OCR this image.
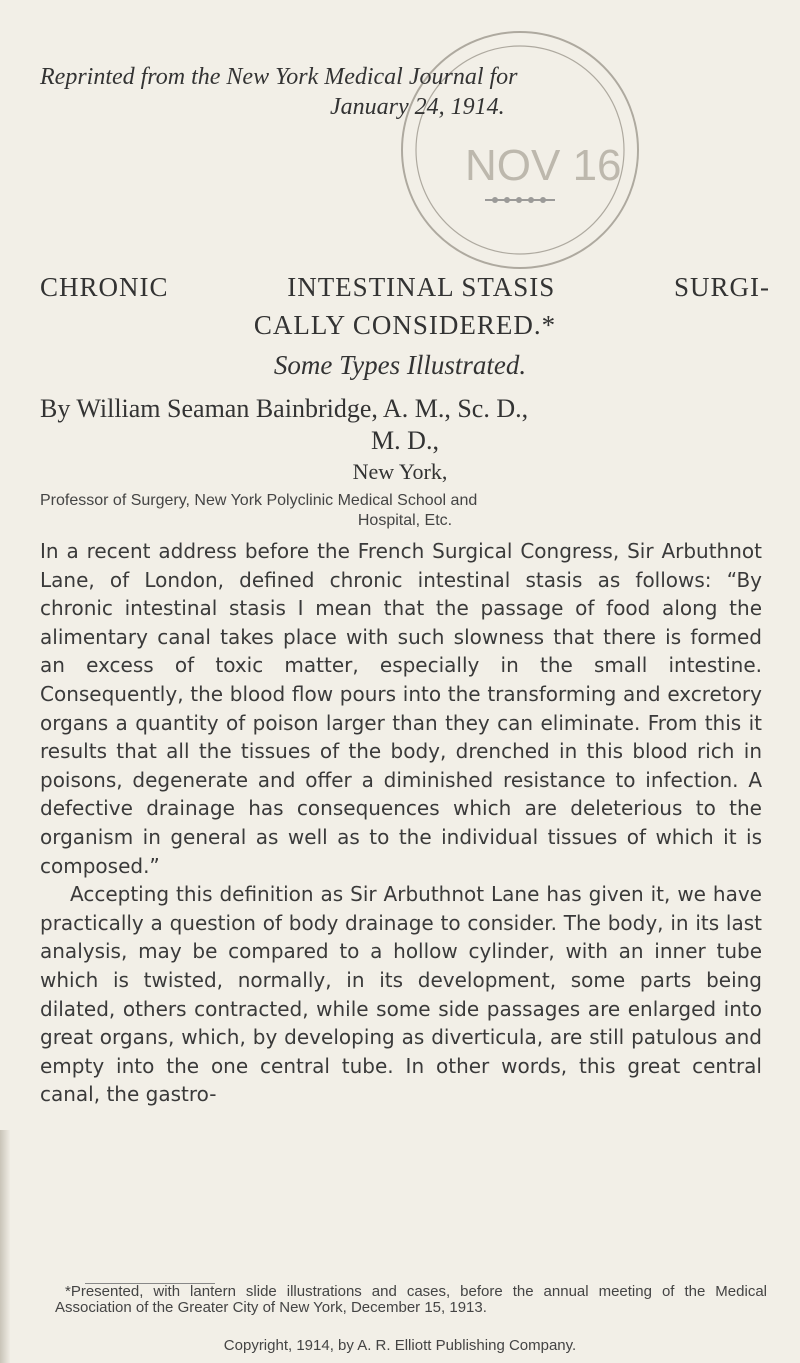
NOV 16
Reprinted from the New York Medical Journal for
January 24, 1914.
CHRONIC	INTESTINAL STASIS	SURGI-
CALLY CONSIDERED.*
Some Types Illustrated.
By William Seaman Bainbridge, A. M., Sc. D.,
M. D.,
New York,
Professor of Surgery, New York Polyclinic Medical School and
Hospital, Etc.

In a recent address before the French Surgical Congress, Sir Arbuthnot Lane, of London, defined chronic intestinal stasis as follows: “By chronic intestinal stasis I mean that the passage of food along the alimentary canal takes place with such slowness that there is formed an excess of toxic matter, especially in the small intestine. Consequently, the blood flow pours into the transforming and excretory organs a quantity of poison larger than they can eliminate. From this it results that all the tissues of the body, drenched in this blood rich in poisons, degenerate and offer a diminished resistance to infection. A defective drainage has consequences which are deleterious to the organism in general as well as to the individual tissues of which it is composed.”

Accepting this definition as Sir Arbuthnot Lane has given it, we have practically a question of body drainage to consider. The body, in its last analysis, may be compared to a hollow cylinder, with an inner tube which is twisted, normally, in its development, some parts being dilated, others contracted, while some side passages are enlarged into great organs, which, by developing as diverticula, are still patulous and empty into the one central tube. In other words, this great central canal, the gastro-

*Presented, with lantern slide illustrations and cases, before the annual meeting of the Medical Association of the Greater City of New York, December 15, 1913.

Copyright, 1914, by A. R. Elliott Publishing Company.
